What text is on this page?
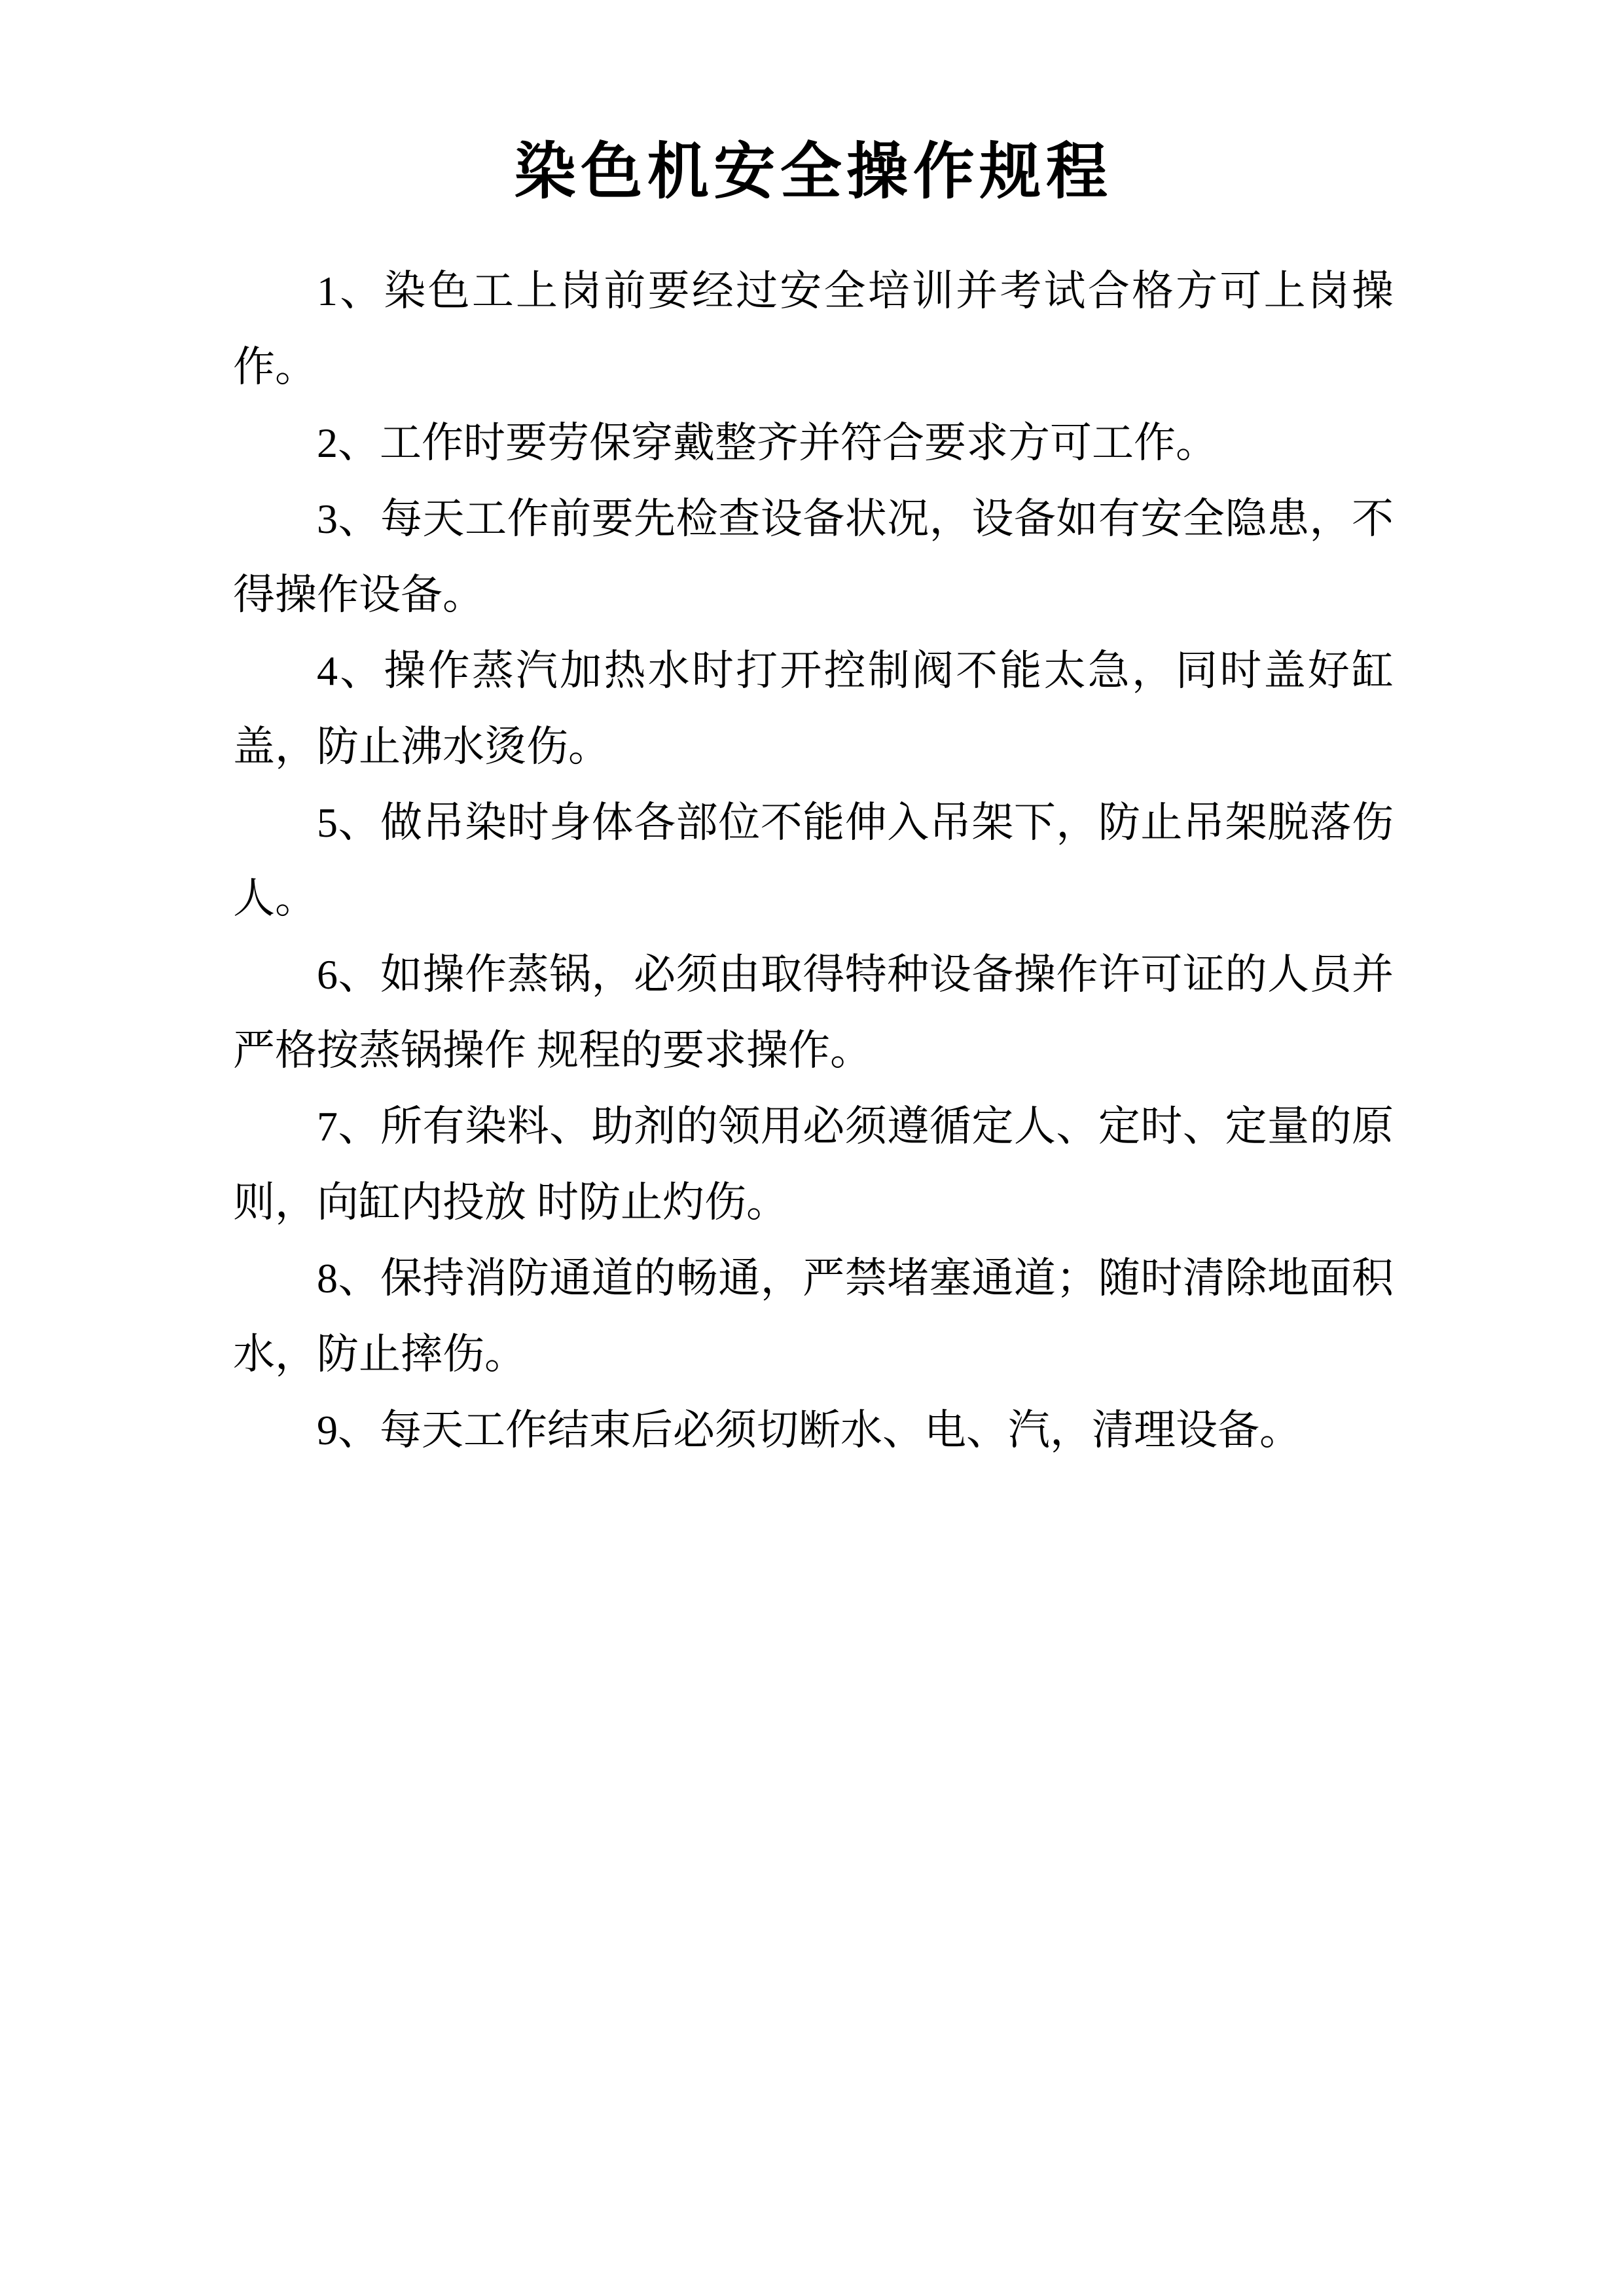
染色机安全操作规程

1、染色工上岗前要经过安全培训并考试合格方可上岗操作。

2、工作时要劳保穿戴整齐并符合要求方可工作。

3、每天工作前要先检查设备状况，设备如有安全隐患，不得操作设备。

4、操作蒸汽加热水时打开控制阀不能太急，同时盖好缸盖，防止沸水烫伤。

5、做吊染时身体各部位不能伸入吊架下，防止吊架脱落伤人。

6、如操作蒸锅，必须由取得特种设备操作许可证的人员并严格按蒸锅操作 规程的要求操作。

7、所有染料、助剂的领用必须遵循定人、定时、定量的原则，向缸内投放 时防止灼伤。

8、保持消防通道的畅通，严禁堵塞通道；随时清除地面积水，防止摔伤。

9、每天工作结束后必须切断水、电、汽，清理设备。
